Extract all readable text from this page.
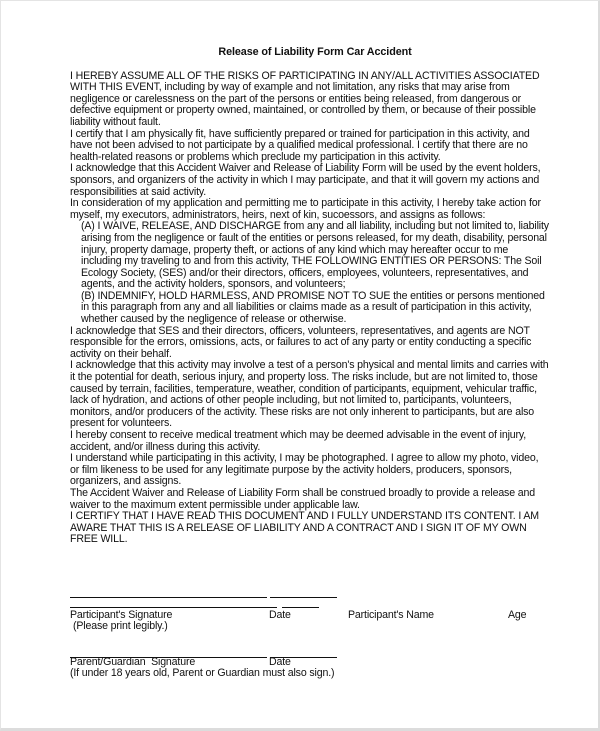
Release of Liability Form Car Accident

I HEREBY ASSUME ALL OF THE RISKS OF PARTICIPATING IN ANY/ALL ACTIVITIES ASSOCIATED WITH THIS EVENT, including by way of example and not limitation, any risks that may arise from negligence or carelessness on the part of the persons or entities being released, from dangerous or defective equipment or property owned, maintained, or controlled by them, or because of their possible liability without fault.

I certify that I am physically fit, have sufficiently prepared or trained for participation in this activity, and have not been advised to not participate by a qualified medical professional. I certify that there are no health-related reasons or problems which preclude my participation in this activity.

I acknowledge that this Accident Waiver and Release of Liability Form will be used by the event holders, sponsors, and organizers of the activity in which I may participate, and that it will govern my actions and responsibilities at said activity.

In consideration of my application and permitting me to participate in this activity, I hereby take action for myself, my executors, administrators, heirs, next of kin, sucoessors, and assigns as follows:

(A) I WAIVE, RELEASE, AND DISCHARGE from any and all liability, including but not limited to, liability arising from the negligence or fault of the entities or persons released, for my death, disability, personal injury, property damage, property theft, or actions of any kind which may hereafter occur to me including my traveling to and from this activity, THE FOLLOWING ENTITIES OR PERSONS: The Soil Ecology Society, (SES) and/or their directors, officers, employees, volunteers, representatives, and agents, and the activity holders, sponsors, and volunteers;

(B) INDEMNIFY, HOLD HARMLESS, AND PROMISE NOT TO SUE the entities or persons mentioned in this paragraph from any and all liabilities or claims made as a result of participation in this activity, whether caused by the negligence of release or otherwise.

I acknowledge that SES and their directors, officers, volunteers, representatives, and agents are NOT responsible for the errors, omissions, acts, or failures to act of any party or entity conducting a specific activity on their behalf.

I acknowledge that this activity may involve a test of a person's physical and mental limits and carries with it the potential for death, serious injury, and property loss. The risks include, but are not limited to, those caused by terrain, facilities, temperature, weather, condition of participants, equipment, vehicular traffic, lack of hydration, and actions of other people including, but not limited to, participants, volunteers, monitors, and/or producers of the activity. These risks are not only inherent to participants, but are also present for volunteers.

I hereby consent to receive medical treatment which may be deemed advisable in the event of injury, accident, and/or illness during this activity.

I understand while participating in this activity, I may be photographed. I agree to allow my photo, video, or film likeness to be used for any legitimate purpose by the activity holders, producers, sponsors, organizers, and assigns.

The Accident Waiver and Release of Liability Form shall be construed broadly to provide a release and waiver to the maximum extent permissible under applicable law.

I CERTIFY THAT I HAVE READ THIS DOCUMENT AND I FULLY UNDERSTAND ITS CONTENT. I AM AWARE THAT THIS IS A RELEASE OF LIABILITY AND A CONTRACT AND I SIGN IT OF MY OWN FREE WILL.

Participant's Signature	Date	Participant's Name	Age
(Please print legibly.)
Parent/Guardian  Signature	Date
(If under 18 years old, Parent or Guardian must also sign.)
